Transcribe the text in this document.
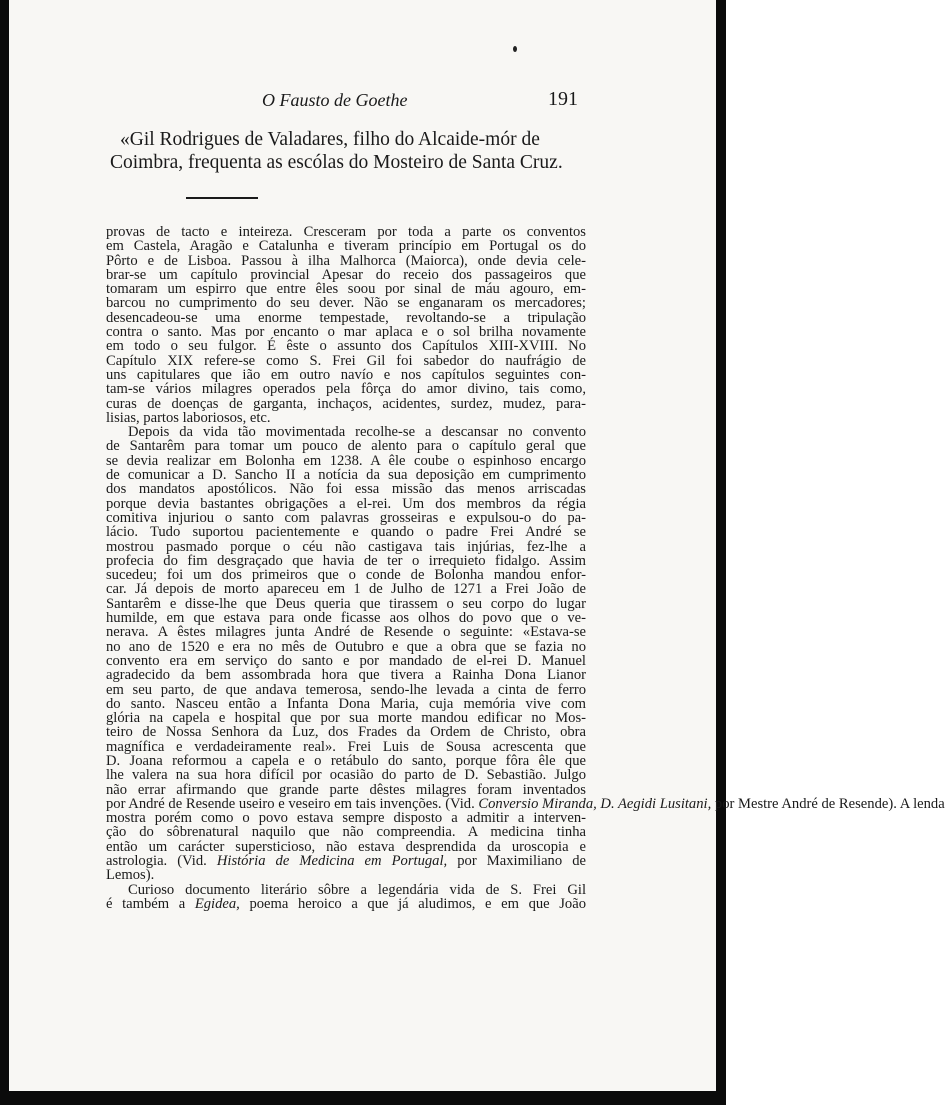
O Fausto de Goethe	191
«Gil Rodrigues de Valadares, filho do Alcaide-mór de
Coimbra, frequenta as escólas do Mosteiro de Santa Cruz.
provas de tacto e inteireza. Cresceram por toda a parte os conventos
em Castela, Aragão e Catalunha e tiveram princípio em Portugal os do
Pôrto e de Lisboa. Passou à ilha Malhorca (Maiorca), onde devia cele-
brar-se um capítulo provincial Apesar do receio dos passageiros que
tomaram um espirro que entre êles soou por sinal de máu agouro, em-
barcou no cumprimento do seu dever. Não se enganaram os mercadores;
desencadeou-se uma enorme tempestade, revoltando-se a tripulação
contra o santo. Mas por encanto o mar aplaca e o sol brilha novamente
em todo o seu fulgor. É êste o assunto dos Capítulos XIII-XVIII. No
Capítulo XIX refere-se como S. Frei Gil foi sabedor do naufrágio de
uns capitulares que ião em outro navío e nos capítulos seguintes con-
tam-se vários milagres operados pela fôrça do amor divino, tais como,
curas de doenças de garganta, inchaços, acidentes, surdez, mudez, para-
lisias, partos laboriosos, etc.
Depois da vida tão movimentada recolhe-se a descansar no convento
de Santarêm para tomar um pouco de alento para o capítulo geral que
se devia realizar em Bolonha em 1238. A êle coube o espinhoso encargo
de comunicar a D. Sancho II a notícia da sua deposição em cumprimento
dos mandatos apostólicos. Não foi essa missão das menos arriscadas
porque devia bastantes obrigações a el-rei. Um dos membros da régia
comitiva injuriou o santo com palavras grosseiras e expulsou-o do pa-
lácio. Tudo suportou pacientemente e quando o padre Frei André se
mostrou pasmado porque o céu não castigava tais injúrias, fez-lhe a
profecia do fim desgraçado que havia de ter o irrequieto fidalgo. Assim
sucedeu; foi um dos primeiros que o conde de Bolonha mandou enfor-
car. Já depois de morto apareceu em 1 de Julho de 1271 a Frei João de
Santarêm e disse-lhe que Deus queria que tirassem o seu corpo do lugar
humilde, em que estava para onde ficasse aos olhos do povo que o ve-
nerava. A êstes milagres junta André de Resende o seguinte: «Estava-se
no ano de 1520 e era no mês de Outubro e que a obra que se fazia no
convento era em serviço do santo e por mandado de el-rei D. Manuel
agradecido da bem assombrada hora que tivera a Rainha Dona Lianor
em seu parto, de que andava temerosa, sendo-lhe levada a cinta de ferro
do santo. Nasceu então a Infanta Dona Maria, cuja memória vive com
glória na capela e hospital que por sua morte mandou edificar no Mos-
teiro de Nossa Senhora da Luz, dos Frades da Ordem de Christo, obra
magnífica e verdadeiramente real». Frei Luis de Sousa acrescenta que
D. Joana reformou a capela e o retábulo do santo, porque fôra êle que
lhe valera na sua hora difícil por ocasião do parto de D. Sebastião. Julgo
não errar afirmando que grande parte dêstes milagres foram inventados
por André de Resende useiro e veseiro em tais invenções. (Vid. Conversio Miranda, D. Aegidi Lusitani, por Mestre André de Resende). A lenda
mostra porém como o povo estava sempre disposto a admitir a interven-
ção do sôbrenatural naquilo que não compreendia. A medicina tinha
então um carácter supersticioso, não estava desprendida da uroscopia e
astrologia. (Vid. História de Medicina em Portugal, por Maximiliano de
Lemos).
Curioso documento literário sôbre a legendária vida de S. Frei Gil
é também a Egidea, poema heroico a que já aludimos, e em que João
